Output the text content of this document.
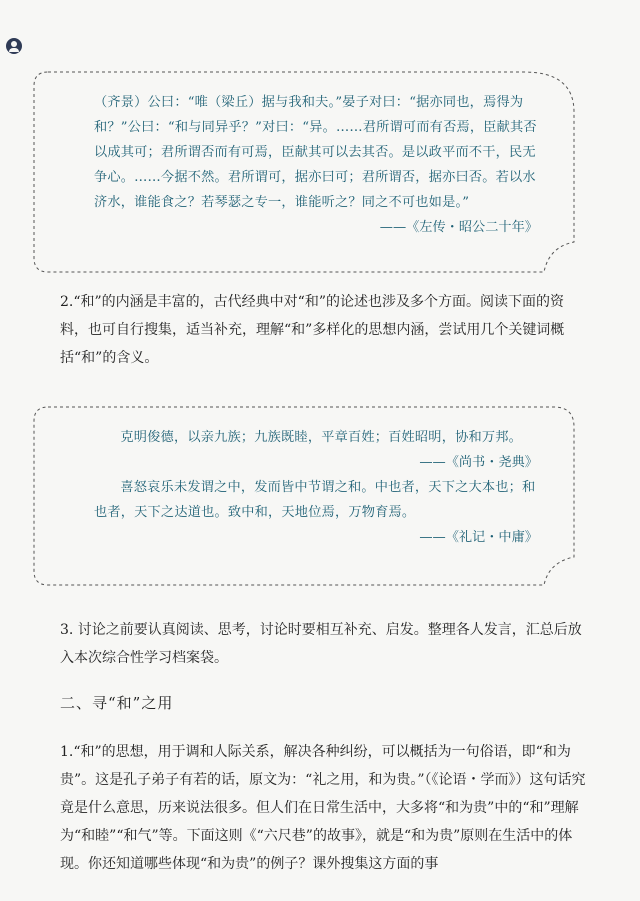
（齐景）公曰：“唯（梁丘）据与我和夫。”晏子对曰：“据亦同也，焉得为和？”公曰：“和与同异乎？”对曰：“异。……君所谓可而有否焉，臣献其否以成其可；君所谓否而有可焉，臣献其可以去其否。是以政平而不干，民无争心。……今据不然。君所谓可，据亦曰可；君所谓否，据亦曰否。若以水济水，谁能食之？若琴瑟之专一，谁能听之？同之不可也如是。”
——《左传・昭公二十年》

2.“和”的内涵是丰富的，古代经典中对“和”的论述也涉及多个方面。阅读下面的资料，也可自行搜集，适当补充，理解“和”多样化的思想内涵，尝试用几个关键词概括“和”的含义。

克明俊德，以亲九族；九族既睦，平章百姓；百姓昭明，协和万邦。

——《尚书・尧典》

喜怒哀乐未发谓之中，发而皆中节谓之和。中也者，天下之大本也；和也者，天下之达道也。致中和，天地位焉，万物育焉。

——《礼记・中庸》

3. 讨论之前要认真阅读、思考，讨论时要相互补充、启发。整理各人发言，汇总后放入本次综合性学习档案袋。

二、寻“和”之用

1.“和”的思想，用于调和人际关系，解决各种纠纷，可以概括为一句俗语，即“和为贵”。这是孔子弟子有若的话，原文为：“礼之用，和为贵。”（《论语・学而》）这句话究竟是什么意思，历来说法很多。但人们在日常生活中，大多将“和为贵”中的“和”理解为“和睦”“和气”等。下面这则《“六尺巷”的故事》，就是“和为贵”原则在生活中的体现。你还知道哪些体现“和为贵”的例子？课外搜集这方面的事
